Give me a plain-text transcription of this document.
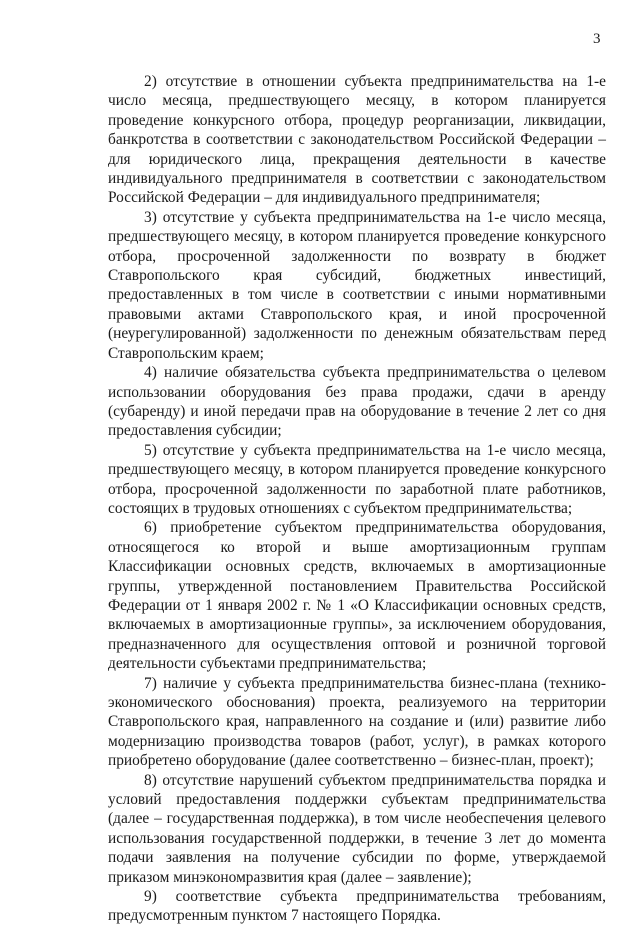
3

2) отсутствие в отношении субъекта предпринимательства на 1-е число месяца, предшествующего месяцу, в котором планируется проведение конкурсного отбора, процедур реорганизации, ликвидации, банкротства в соответствии с законодательством Российской Федерации – для юридического лица, прекращения деятельности в качестве индивидуального предпринимателя в соответствии с законодательством Российской Федерации – для индивидуального предпринимателя;

3) отсутствие у субъекта предпринимательства на 1-е число месяца, предшествующего месяцу, в котором планируется проведение конкурсного отбора, просроченной задолженности по возврату в бюджет Ставропольского края субсидий, бюджетных инвестиций, предоставленных в том числе в соответствии с иными нормативными правовыми актами Ставропольского края, и иной просроченной (неурегулированной) задолженности по денежным обязательствам перед Ставропольским краем;

4) наличие обязательства субъекта предпринимательства о целевом использовании оборудования без права продажи, сдачи в аренду (субаренду) и иной передачи прав на оборудование в течение 2 лет со дня предоставления субсидии;

5) отсутствие у субъекта предпринимательства на 1-е число месяца, предшествующего месяцу, в котором планируется проведение конкурсного отбора, просроченной задолженности по заработной плате работников, состоящих в трудовых отношениях с субъектом предпринимательства;

6) приобретение субъектом предпринимательства оборудования, относящегося ко второй и выше амортизационным группам Классификации основных средств, включаемых в амортизационные группы, утвержденной постановлением Правительства Российской Федерации от 1 января 2002 г. № 1 «О Классификации основных средств, включаемых в амортизационные группы», за исключением оборудования, предназначенного для осуществления оптовой и розничной торговой деятельности субъектами предпринимательства;

7) наличие у субъекта предпринимательства бизнес-плана (технико-экономического обоснования) проекта, реализуемого на территории Ставропольского края, направленного на создание и (или) развитие либо модернизацию производства товаров (работ, услуг), в рамках которого приобретено оборудование (далее соответственно – бизнес-план, проект);

8) отсутствие нарушений субъектом предпринимательства порядка и условий предоставления поддержки субъектам предпринимательства (далее – государственная поддержка), в том числе необеспечения целевого использования государственной поддержки, в течение 3 лет до момента подачи заявления на получение субсидии по форме, утверждаемой приказом минэкономразвития края (далее – заявление);

9) соответствие субъекта предпринимательства требованиям, предусмотренным пунктом 7 настоящего Порядка.
